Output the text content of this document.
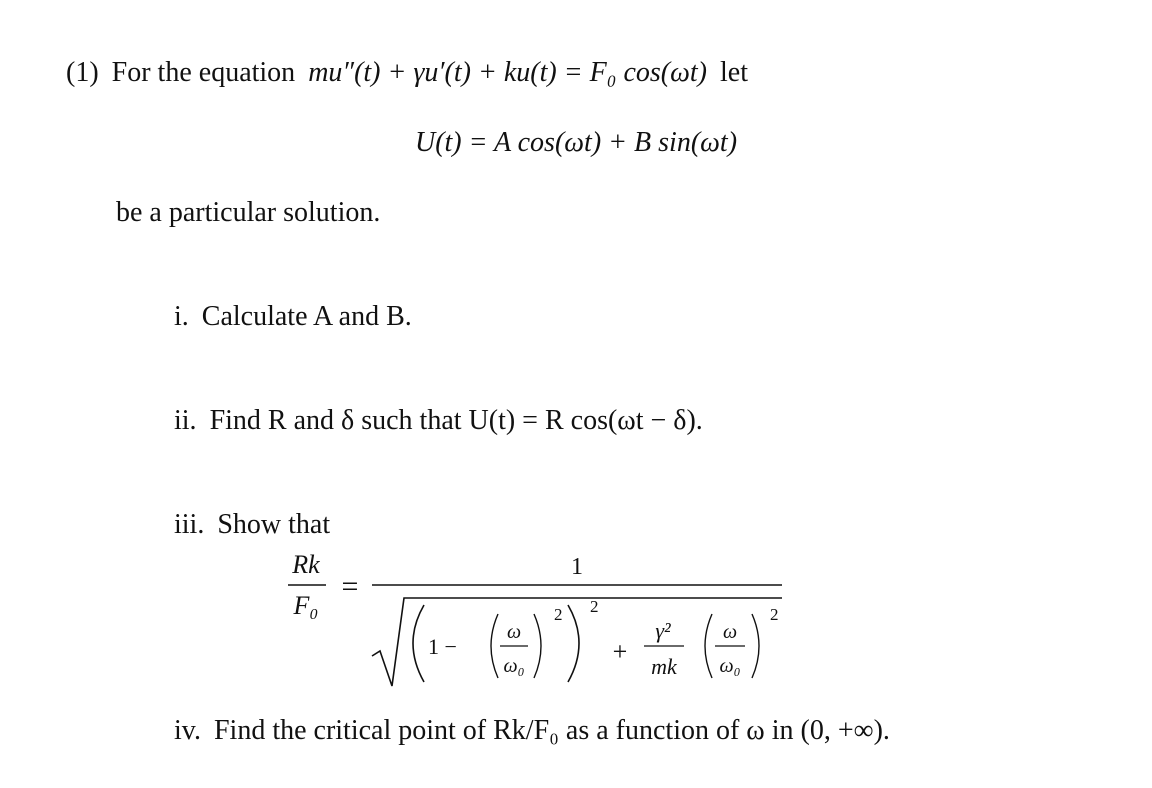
(1) For the equation mu″(t) + γu′(t) + ku(t) = F₀ cos(ωt) let
U(t) = A cos(ωt) + B sin(ωt)
be a particular solution.
i. Calculate A and B.
ii. Find R and δ such that U(t) = R cos(ωt − δ).
iii. Show that
Rk
F₀
=
1
1 −
ω
ω₀
2 2
+
γ²
mk
ω
ω₀
2
iv. Find the critical point of Rk/F₀ as a function of ω in (0, +∞).
